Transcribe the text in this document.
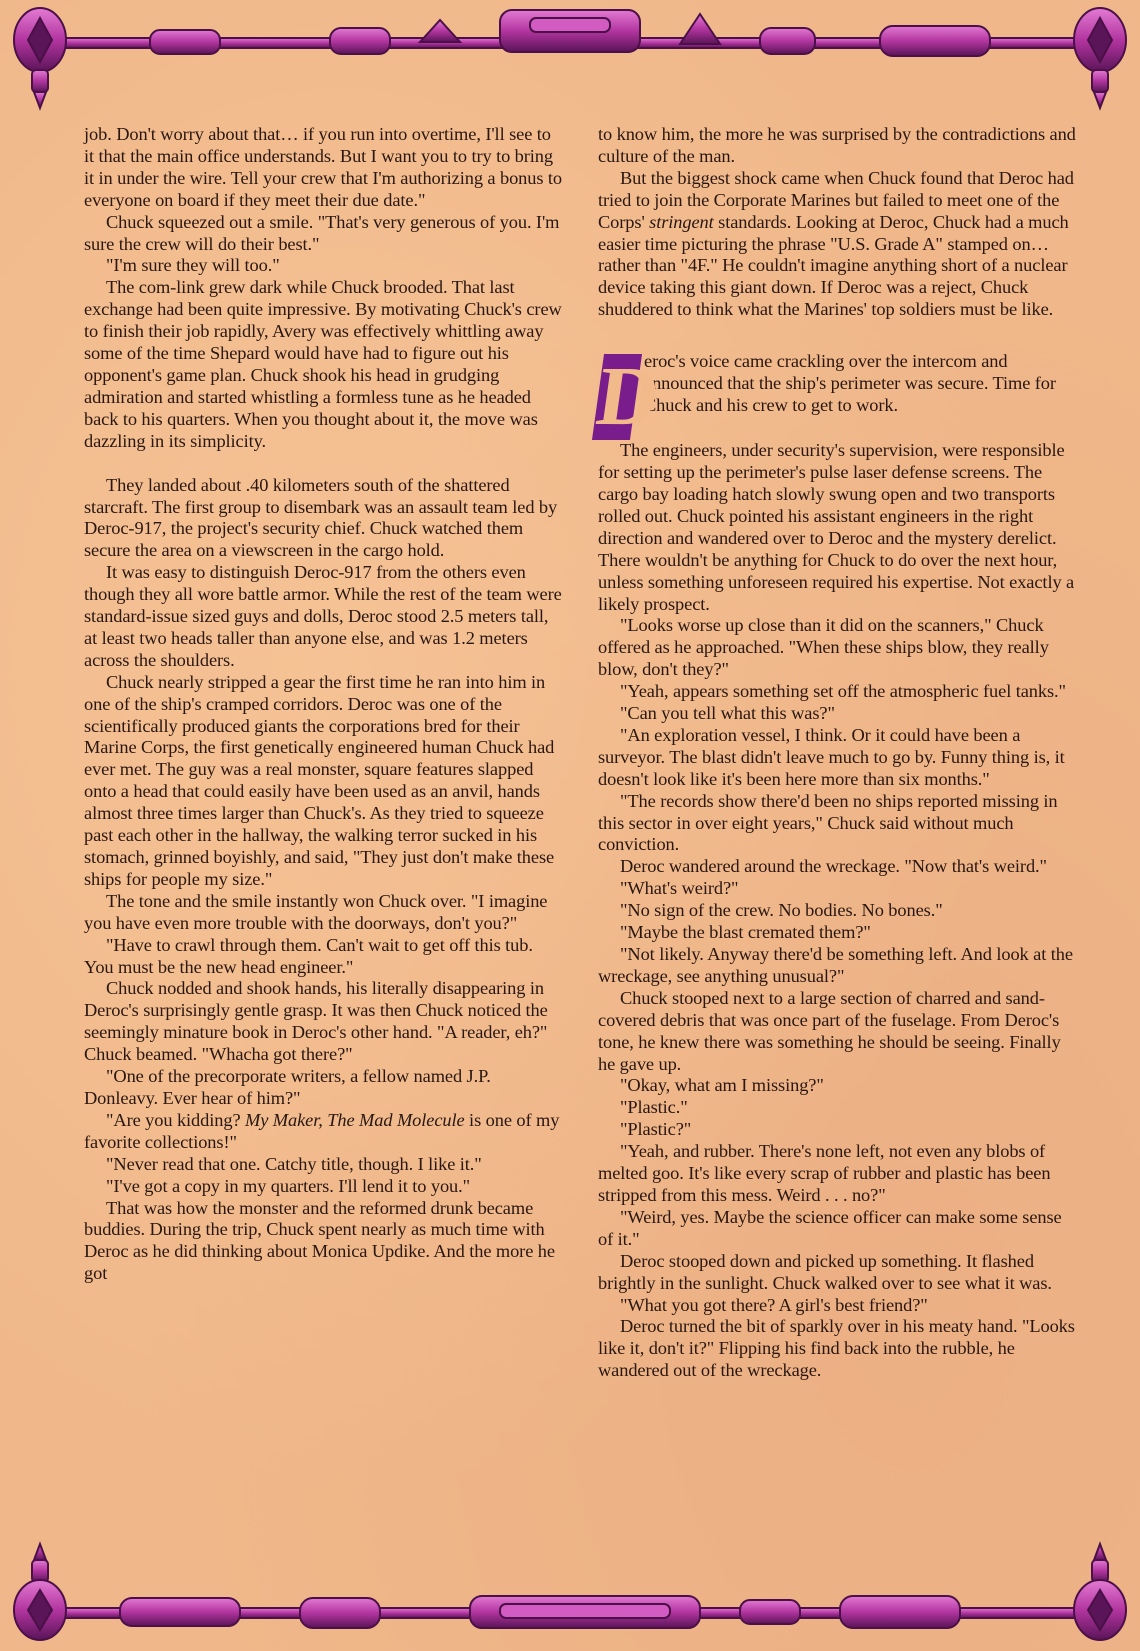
job. Don't worry about that… if you run into overtime, I'll see to it that the main office understands. But I want you to try to bring it in under the wire. Tell your crew that I'm authorizing a bonus to everyone on board if they meet their due date."

Chuck squeezed out a smile. "That's very generous of you. I'm sure the crew will do their best."

"I'm sure they will too."

The com-link grew dark while Chuck brooded. That last exchange had been quite impressive. By motivating Chuck's crew to finish their job rapidly, Avery was effectively whittling away some of the time Shepard would have had to figure out his opponent's game plan. Chuck shook his head in grudging admiration and started whistling a formless tune as he headed back to his quarters. When you thought about it, the move was dazzling in its simplicity.

They landed about .40 kilometers south of the shattered starcraft. The first group to disembark was an assault team led by Deroc-917, the project's security chief. Chuck watched them secure the area on a viewscreen in the cargo hold.

It was easy to distinguish Deroc-917 from the others even though they all wore battle armor. While the rest of the team were standard-issue sized guys and dolls, Deroc stood 2.5 meters tall, at least two heads taller than anyone else, and was 1.2 meters across the shoulders.

Chuck nearly stripped a gear the first time he ran into him in one of the ship's cramped corridors. Deroc was one of the scientifically produced giants the corporations bred for their Marine Corps, the first genetically engineered human Chuck had ever met. The guy was a real monster, square features slapped onto a head that could easily have been used as an anvil, hands almost three times larger than Chuck's. As they tried to squeeze past each other in the hallway, the walking terror sucked in his stomach, grinned boyishly, and said, "They just don't make these ships for people my size."

The tone and the smile instantly won Chuck over. "I imagine you have even more trouble with the doorways, don't you?"

"Have to crawl through them. Can't wait to get off this tub. You must be the new head engineer."

Chuck nodded and shook hands, his literally disappearing in Deroc's surprisingly gentle grasp. It was then Chuck noticed the seemingly minature book in Deroc's other hand. "A reader, eh?" Chuck beamed. "Whacha got there?"

"One of the precorporate writers, a fellow named J.P. Donleavy. Ever hear of him?"

"Are you kidding? My Maker, The Mad Molecule is one of my favorite collections!"

"Never read that one. Catchy title, though. I like it."

"I've got a copy in my quarters. I'll lend it to you."

That was how the monster and the reformed drunk became buddies. During the trip, Chuck spent nearly as much time with Deroc as he did thinking about Monica Updike. And the more he got

to know him, the more he was surprised by the contradictions and culture of the man.

But the biggest shock came when Chuck found that Deroc had tried to join the Corporate Marines but failed to meet one of the Corps' stringent standards. Looking at Deroc, Chuck had a much easier time picturing the phrase "U.S. Grade A" stamped on… rather than "4F." He couldn't imagine anything short of a nuclear device taking this giant down. If Deroc was a reject, Chuck shuddered to think what the Marines' top soldiers must be like.

D
eroc's voice came crackling over the intercom and announced that the ship's perimeter was secure. Time for Chuck and his crew to get to work.

The engineers, under security's supervision, were responsible for setting up the perimeter's pulse laser defense screens. The cargo bay loading hatch slowly swung open and two transports rolled out. Chuck pointed his assistant engineers in the right direction and wandered over to Deroc and the mystery derelict. There wouldn't be anything for Chuck to do over the next hour, unless something unforeseen required his expertise. Not exactly a likely prospect.

"Looks worse up close than it did on the scanners," Chuck offered as he approached. "When these ships blow, they really blow, don't they?"

"Yeah, appears something set off the atmospheric fuel tanks."

"Can you tell what this was?"

"An exploration vessel, I think. Or it could have been a surveyor. The blast didn't leave much to go by. Funny thing is, it doesn't look like it's been here more than six months."

"The records show there'd been no ships reported missing in this sector in over eight years," Chuck said without much conviction.

Deroc wandered around the wreckage. "Now that's weird."

"What's weird?"

"No sign of the crew. No bodies. No bones."

"Maybe the blast cremated them?"

"Not likely. Anyway there'd be something left. And look at the wreckage, see anything unusual?"

Chuck stooped next to a large section of charred and sand-covered debris that was once part of the fuselage. From Deroc's tone, he knew there was something he should be seeing. Finally he gave up.

"Okay, what am I missing?"

"Plastic."

"Plastic?"

"Yeah, and rubber. There's none left, not even any blobs of melted goo. It's like every scrap of rubber and plastic has been stripped from this mess. Weird . . . no?"

"Weird, yes. Maybe the science officer can make some sense of it."

Deroc stooped down and picked up something. It flashed brightly in the sunlight. Chuck walked over to see what it was.

"What you got there? A girl's best friend?"

Deroc turned the bit of sparkly over in his meaty hand. "Looks like it, don't it?" Flipping his find back into the rubble, he wandered out of the wreckage.
